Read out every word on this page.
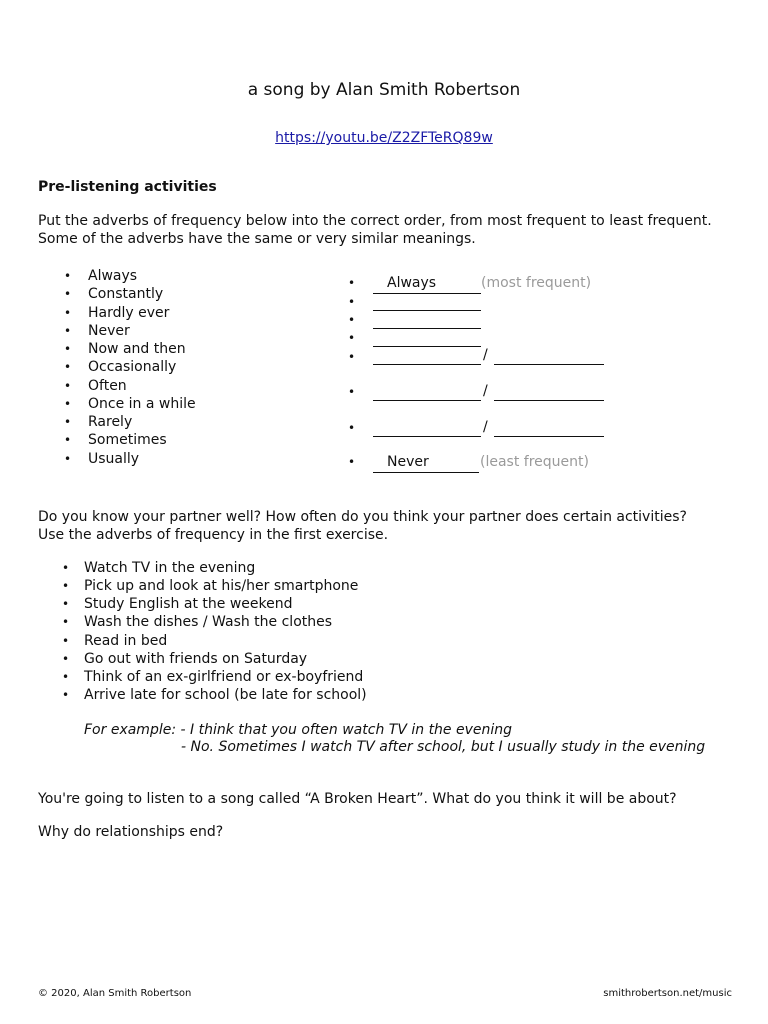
a song by Alan Smith Robertson
https://youtu.be/Z2ZFTeRQ89w
Pre-listening activities
Put the adverbs of frequency below into the correct order, from most frequent to least frequent.
Some of the adverbs have the same or very similar meanings.
• Always
• Constantly
• Hardly ever
• Never
• Now and then
• Occasionally
• Often
• Once in a while
• Rarely
• Sometimes
• Usually
• Always	(most frequent)
•
•
•
•	/
•	/
•	/
• Never	(least frequent)
Do you know your partner well? How often do you think your partner does certain activities?
Use the adverbs of frequency in the first exercise.
• Watch TV in the evening
• Pick up and look at his/her smartphone
• Study English at the weekend
• Wash the dishes / Wash the clothes
• Read in bed
• Go out with friends on Saturday
• Think of an ex-girlfriend or ex-boyfriend
• Arrive late for school (be late for school)
For example: - I think that you often watch TV in the evening
- No. Sometimes I watch TV after school, but I usually study in the evening
You're going to listen to a song called “A Broken Heart”. What do you think it will be about?
Why do relationships end?
© 2020, Alan Smith Robertson	smithrobertson.net/music
